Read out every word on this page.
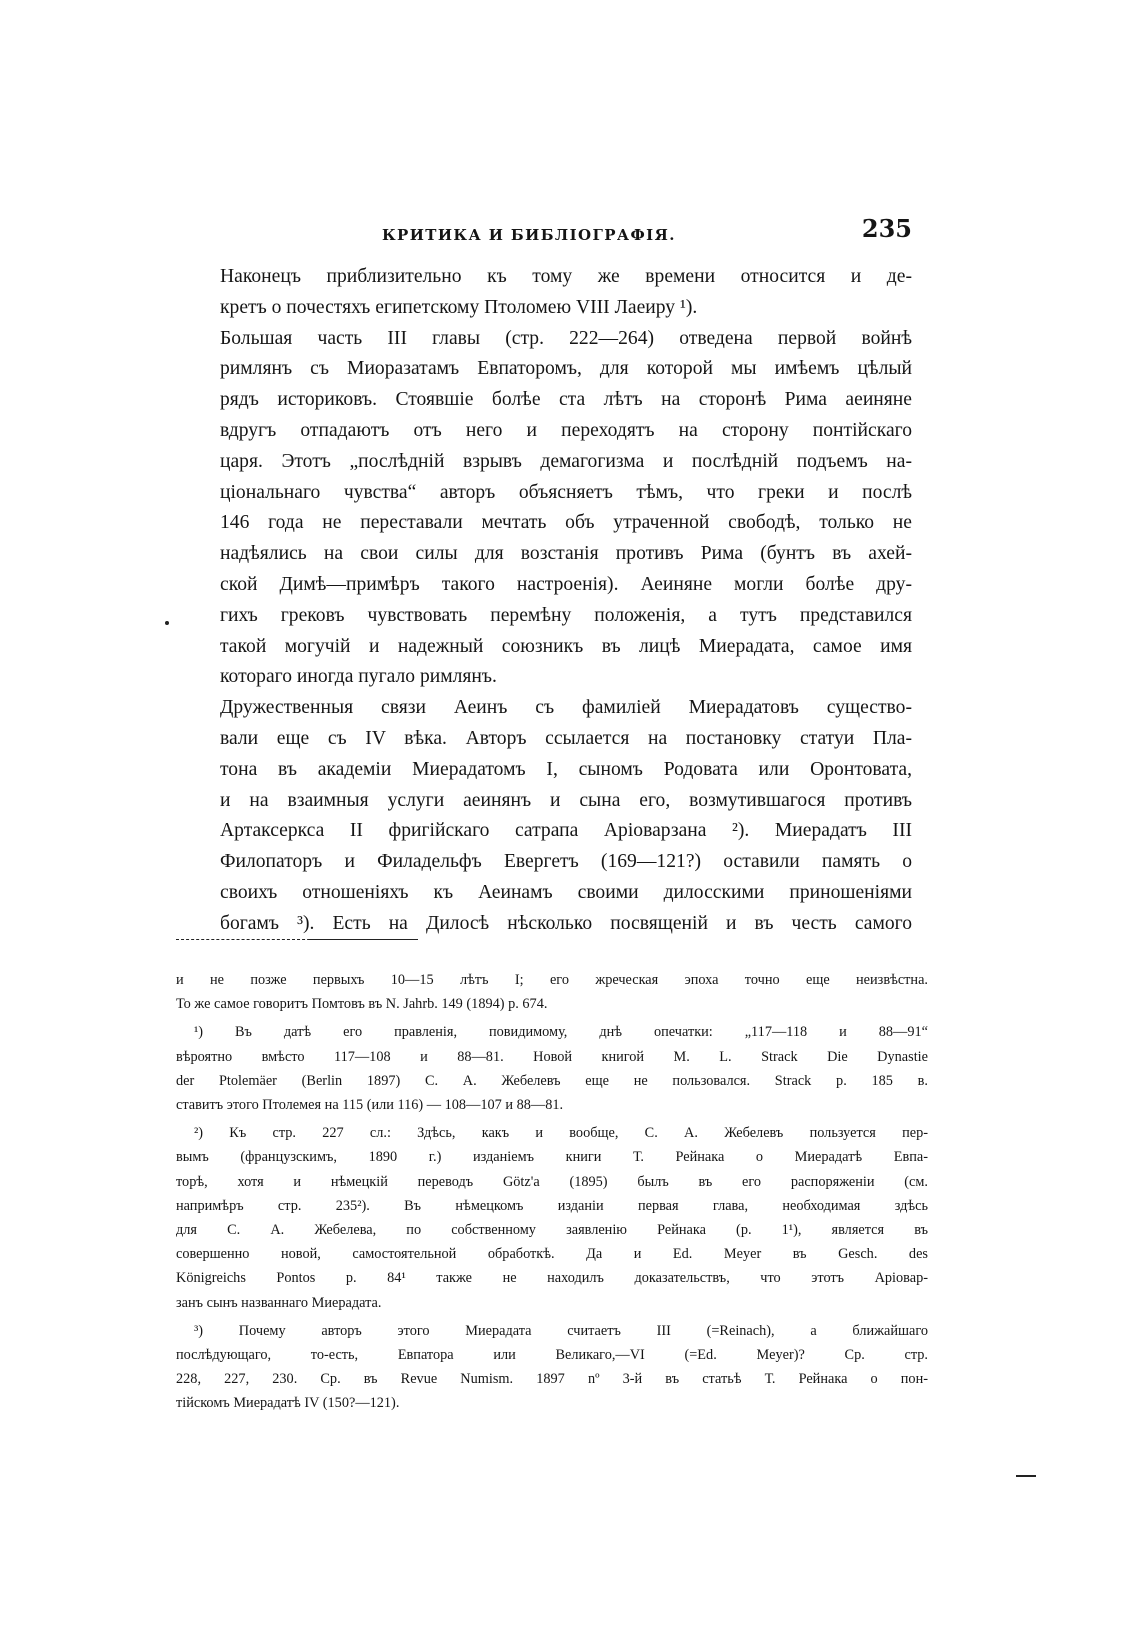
КРИТИКА И БИБЛІОГРАФІЯ.	235
Наконецъ приблизительно къ тому же времени относится и де-
кретъ о почестяхъ египетскому Птоломею VIII Лаеиру ¹).
Большая часть III главы (стр. 222—264) отведена первой войнѣ
римлянъ съ Миоразатамъ Евпаторомъ, для которой мы имѣемъ цѣлый
рядъ историковъ. Стоявшіе болѣе ста лѣтъ на сторонѣ Рима аеиняне
вдругъ отпадаютъ отъ него и переходятъ на сторону понтійскаго
царя. Этотъ „послѣдній взрывъ демагогизма и послѣдній подъемъ на-
ціональнаго чувства“ авторъ объясняетъ тѣмъ, что греки и послѣ
146 года не переставали мечтать объ утраченной свободѣ, только не
надѣялись на свои силы для возстанія противъ Рима (бунтъ въ ахей-
ской Димѣ—примѣръ такого настроенія). Аеиняне могли болѣе дру-
гихъ грековъ чувствовать перемѣну положенія, а тутъ представился
такой могучій и надежный союзникъ въ лицѣ Миерадата, самое имя
котораго иногда пугало римлянъ.
Дружественныя связи Аеинъ съ фамиліей Миерадатовъ существо-
вали еще съ IV вѣка. Авторъ ссылается на постановку статуи Пла-
тона въ академіи Миерадатомъ I, сыномъ Родовата или Оронтовата,
и на взаимныя услуги аеинянъ и сына его, возмутившагося противъ
Артаксеркса II фригійскаго сатрапа Аріоварзана ²). Миерадатъ III
Филопаторъ и Филадельфъ Евергетъ (169—121?) оставили память о
своихъ отношеніяхъ къ Аеинамъ своими дилосскими приношеніями
богамъ ³). Есть на Дилосѣ нѣсколько посвященій и въ честь самого
и не позже первыхъ 10—15 лѣтъ I; его жреческая эпоха точно еще неизвѣстна.
То же самое говоритъ Помтовъ въ N. Jahrb. 149 (1894) p. 674.
¹) Въ датѣ его правленія, повидимому, днѣ опечатки: „117—118 и 88—91“
вѣроятно вмѣсто 117—108 и 88—81. Новой книгой M. L. Strack Die Dynastie
der Ptolemäer (Berlin 1897) С. А. Жебелевъ еще не пользовался. Strack p. 185 в.
ставитъ этого Птолемея на 115 (или 116) — 108—107 и 88—81.
²) Къ стр. 227 сл.: Здѣсь, какъ и вообще, С. А. Жебелевъ пользуется пер-
вымъ (французскимъ, 1890 г.) изданіемъ книги Т. Рейнака о Миерадатѣ Евпа-
торѣ, хотя и нѣмецкій переводъ Götz'а (1895) былъ въ его распоряженіи (см.
напримѣръ стр. 235²). Въ нѣмецкомъ изданіи первая глава, необходимая здѣсь
для С. А. Жебелева, по собственному заявленію Рейнака (p. 1¹), является въ
совершенно новой, самостоятельной обработкѣ. Да и Ed. Meyer въ Gesch. des
Königreichs Pontos p. 84¹ также не находилъ доказательствъ, что этотъ Аріовар-
занъ сынъ названнаго Миерадата.
³) Почему авторъ этого Миерадата считаетъ III (=Reinach), а ближайшаго
послѣдующаго, то-есть, Евпатора или Великаго,—VI (=Ed. Meyer)? Ср. стр.
228, 227, 230. Ср. въ Revue Numism. 1897 nº 3-й въ статьѣ Т. Рейнака о пон-
тійскомъ Миерадатѣ IV (150?—121).
